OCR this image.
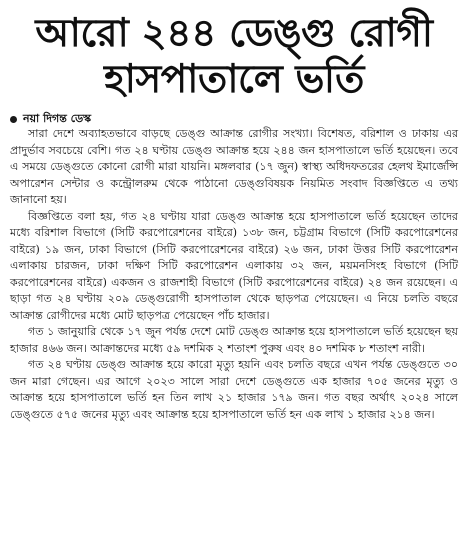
আরো ২৪৪ ডেঙ্গু রোগী
হাসপাতালে ভর্তি
নয়া দিগন্ত ডেস্ক

সারা দেশে অব্যাহতভাবে বাড়ছে ডেঙ্গু আক্রান্ত রোগীর সংখ্যা। বিশেষত, বরিশাল ও ঢাকায় এর প্রাদুর্ভাব সবচেয়ে বেশি। গত ২৪ ঘণ্টায় ডেঙ্গু আক্রান্ত হয়ে ২৪৪ জন হাসপাতালে ভর্তি হয়েছেন। তবে এ সময়ে ডেঙ্গুতে কোনো রোগী মারা যায়নি। মঙ্গলবার (১৭ জুন) স্বাস্থ্য অধিদফতরের হেলথ ইমার্জেন্সি অপারেশন সেন্টার ও কন্ট্রোলরুম থেকে পাঠানো ডেঙ্গুবিষয়ক নিয়মিত সংবাদ বিজ্ঞপ্তিতে এ তথ্য জানানো হয়।

বিজ্ঞপ্তিতে বলা হয়, গত ২৪ ঘণ্টায় যারা ডেঙ্গু আক্রান্ত হয়ে হাসপাতালে ভর্তি হয়েছেন তাদের মধ্যে বরিশাল বিভাগে (সিটি করপোরেশনের বাইরে) ১৩৮ জন, চট্টগ্রাম বিভাগে (সিটি করপোরেশনের বাইরে) ১৯ জন, ঢাকা বিভাগে (সিটি করপোরেশনের বাইরে) ২৬ জন, ঢাকা উত্তর সিটি করপোরেশন এলাকায় চারজন, ঢাকা দক্ষিণ সিটি করপোরেশন এলাকায় ৩২ জন, ময়মনসিংহ বিভাগে (সিটি করপোরেশনের বাইরে) একজন ও রাজশাহী বিভাগে (সিটি করপোরেশনের বাইরে) ২৪ জন রয়েছেন। এ ছাড়া গত ২৪ ঘণ্টায় ২০৯ ডেঙ্গুরোগী হাসপাতাল থেকে ছাড়পত্র পেয়েছেন। এ নিয়ে চলতি বছরে আক্রান্ত রোগীদের মধ্যে মোট ছাড়পত্র পেয়েছেন পাঁচ হাজার।

গত ১ জানুয়ারি থেকে ১৭ জুন পর্যন্ত দেশে মোট ডেঙ্গু আক্রান্ত হয়ে হাসপাতালে ভর্তি হয়েছেন ছয় হাজার ৪৬৬ জন। আক্রান্তদের মধ্যে ৫৯ দশমিক ২ শতাংশ পুরুষ এবং ৪০ দশমিক ৮ শতাংশ নারী।

গত ২৪ ঘণ্টায় ডেঙ্গু আক্রান্ত হয়ে কারো মৃত্যু হয়নি এবং চলতি বছরে এখন পর্যন্ত ডেঙ্গুতে ৩০ জন মারা গেছেন। এর আগে ২০২৩ সালে সারা দেশে ডেঙ্গুতে এক হাজার ৭০৫ জনের মৃত্যু ও আক্রান্ত হয়ে হাসপাতালে ভর্তি হন তিন লাখ ২১ হাজার ১৭৯ জন। গত বছর অর্থাৎ ২০২৪ সালে ডেঙ্গুতে ৫৭৫ জনের মৃত্যু এবং আক্রান্ত হয়ে হাসপাতালে ভর্তি হন এক লাখ ১ হাজার ২১৪ জন।
